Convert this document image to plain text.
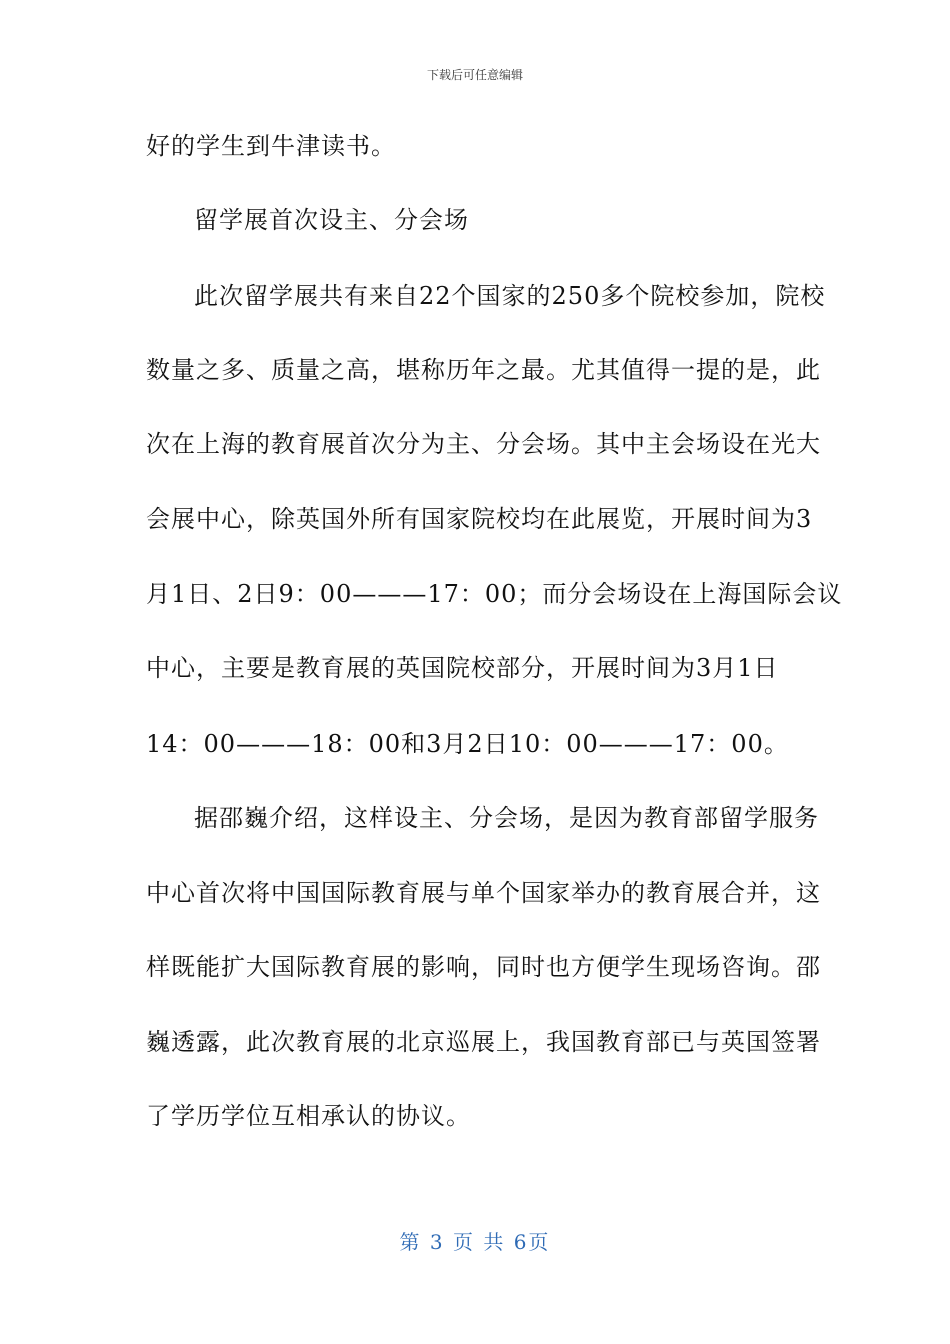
下载后可任意编辑
好的学生到牛津读书。
留学展首次设主、分会场
此次留学展共有来自22个国家的250多个院校参加，院校
数量之多、质量之高，堪称历年之最。尤其值得一提的是，此
次在上海的教育展首次分为主、分会场。其中主会场设在光大
会展中心，除英国外所有国家院校均在此展览，开展时间为3
月1日、2日9：00———17：00；而分会场设在上海国际会议
中心，主要是教育展的英国院校部分，开展时间为3月1日
14：00———18：00和3月2日10：00———17：00。
据邵巍介绍，这样设主、分会场，是因为教育部留学服务
中心首次将中国国际教育展与单个国家举办的教育展合并，这
样既能扩大国际教育展的影响，同时也方便学生现场咨询。邵
巍透露，此次教育展的北京巡展上，我国教育部已与英国签署
了学历学位互相承认的协议。
第 3 页 共 6页
